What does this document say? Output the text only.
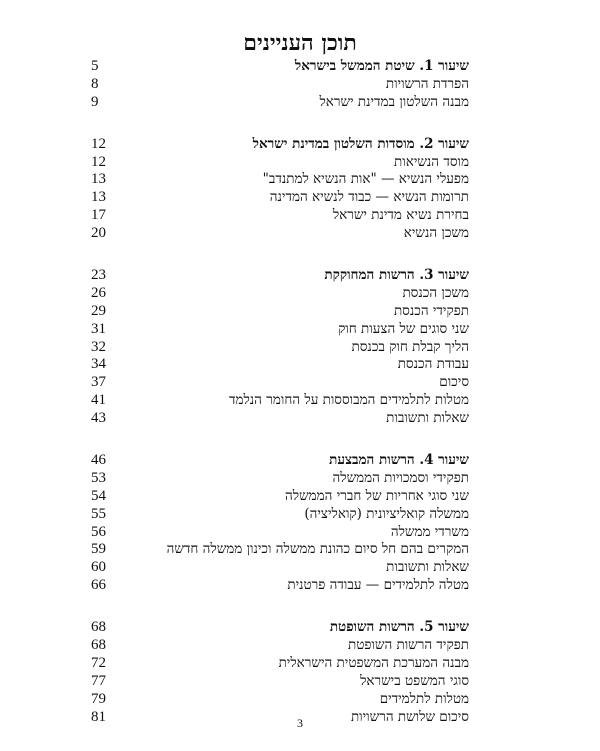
תוכן העניינים
שיעור 1. שיטת הממשל בישראל
5
הפרדת הרשויות
8
מבנה השלטון במדינת ישראל
9
שיעור 2. מוסדות השלטון במדינת ישראל
12
מוסד הנשיאות
12
מפעלי הנשיא — "אות הנשיא למתנדב"
13
תרומות הנשיא — כבוד לנשיא המדינה
13
בחירת נשיא מדינת ישראל
17
משכן הנשיא
20
שיעור 3. הרשות המחוקקת
23
משכן הכנסת
26
תפקידי הכנסת
29
שני סוגים של הצעות חוק
31
הליך קבלת חוק בכנסת
32
עבודת הכנסת
34
סיכום
37
מטלות לתלמידים המבוססות על החומר הנלמד
41
שאלות ותשובות
43
שיעור 4. הרשות המבצעת
46
תפקידי וסמכויות הממשלה
53
שני סוגי אחריות של חברי הממשלה
54
ממשלה קואליציונית (קואליציה)
55
משרדי ממשלה
56
המקרים בהם חל סיום כהונת ממשלה וכינון ממשלה חדשה
59
שאלות ותשובות
60
מטלה לתלמידים — עבודה פרטנית
66
שיעור 5. הרשות השופטת
68
תפקיד הרשות השופטת
68
מבנה המערכת המשפטית הישראלית
72
סוגי המשפט בישראל
77
מטלות לתלמידים
79
סיכום שלושת הרשויות
81	3
